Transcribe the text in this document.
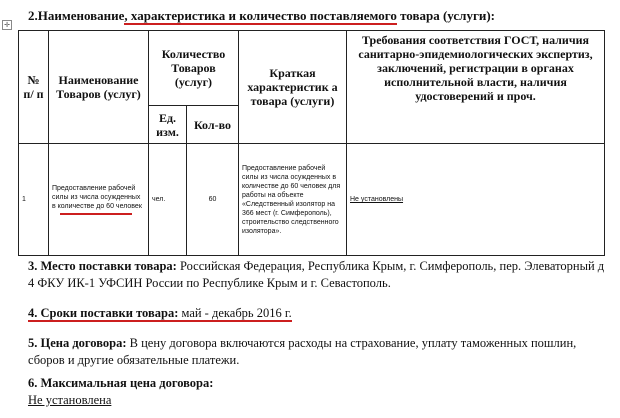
✛
2.Наименование, характеристика и количество поставляемого товара (услуги):
№ п/ п	Наименование Товаров (услуг)	Количество Товаров (услуг)		Краткая характеристик а товара (услуги)	Требования соответствия ГОСТ, наличия санитарно-эпидемиологических экспертиз, заключений, регистрации в органах исполнительной власти, наличия удостоверений и проч.
		Ед. изм.	Кол-во		
1	Предоставление рабочей силы из числа осужденных в количестве до 60 человек	чел.	60	Предоставление рабочей силы из числа осужденных в количестве до 60 человек для работы на объекте «Следственный изолятор на 366 мест (г. Симферополь), строительство следственного изолятора».	Не установлены
3. Место поставки товара: Российская Федерация, Республика Крым, г. Симферополь, пер. Элеваторный д 4 ФКУ ИК-1 УФСИН России по Республике Крым и г. Севастополь.
4. Сроки поставки товара: май - декабрь 2016 г.
5. Цена договора: В цену договора включаются расходы на страхование, уплату таможенных пошлин, сборов и другие обязательные платежи.
6. Максимальная цена договора:
Не установлена
